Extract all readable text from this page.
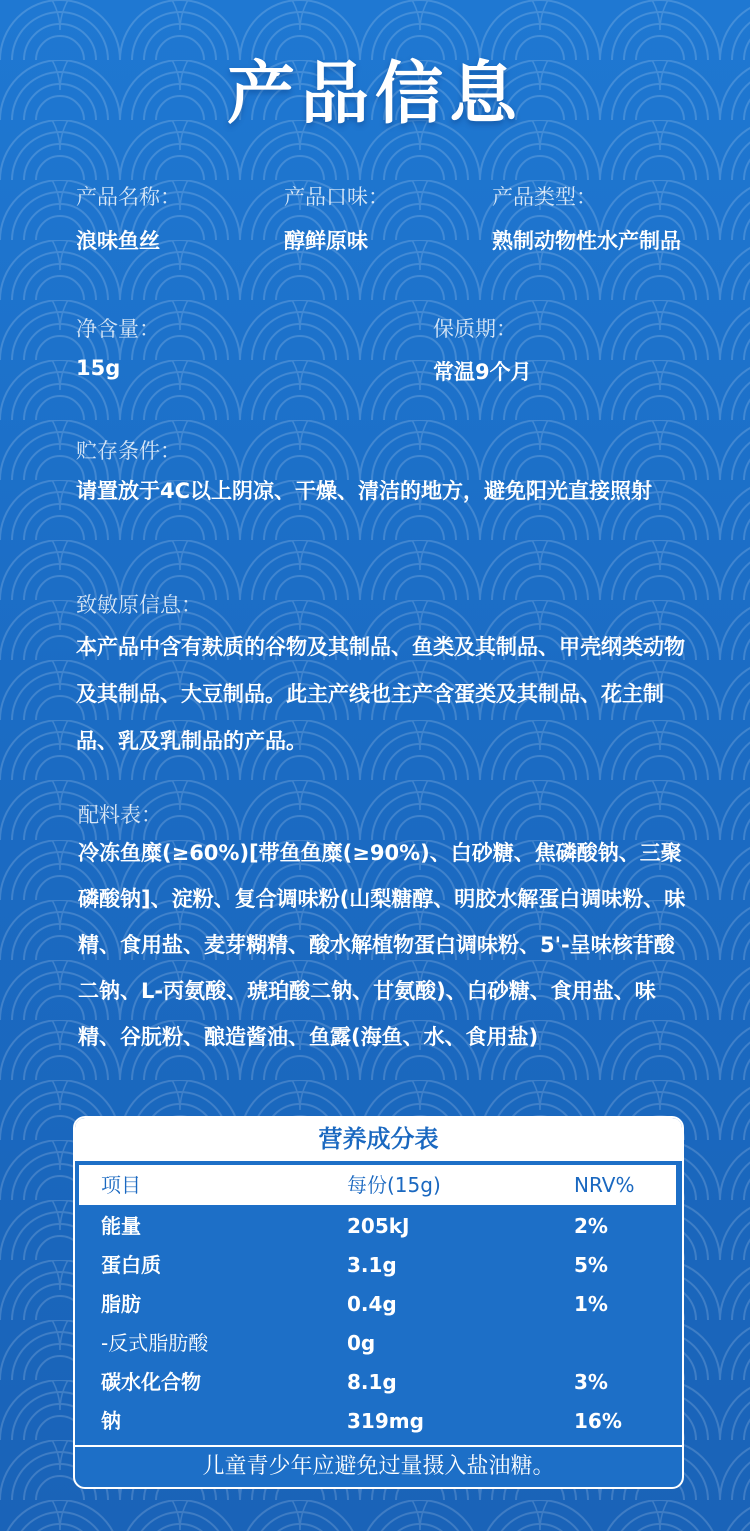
产品信息
产品名称：
浪味鱼丝
产品口味：
醇鲜原味
产品类型：
熟制动物性水产制品
净含量：
15g
保质期：
常温9个月
贮存条件：
请置放于4C以上阴凉、干燥、清洁的地方，避免阳光直接照射
致敏原信息：
本产品中含有麸质的谷物及其制品、鱼类及其制品、甲壳纲类动物及其制品、大豆制品。此主产线也主产含蛋类及其制品、花主制品、乳及乳制品的产品。
配料表：
冷冻鱼糜(≥60%)[带鱼鱼糜(≥90%)、白砂糖、焦磷酸钠、三聚磷酸钠]、淀粉、复合调味粉(山梨糖醇、明胶水解蛋白调味粉、味精、食用盐、麦芽糊精、酸水解植物蛋白调味粉、5'-呈味核苷酸二钠、L-丙氨酸、琥珀酸二钠、甘氨酸)、白砂糖、食用盐、味精、谷朊粉、酿造酱油、鱼露(海鱼、水、食用盐)
营养成分表
项目	每份(15g)	NRV%
能量	205kJ	2%
蛋白质	3.1g	5%
脂肪	0.4g	1%
-反式脂肪酸	0g
碳水化合物	8.1g	3%
钠	319mg	16%
儿童青少年应避免过量摄入盐油糖。
